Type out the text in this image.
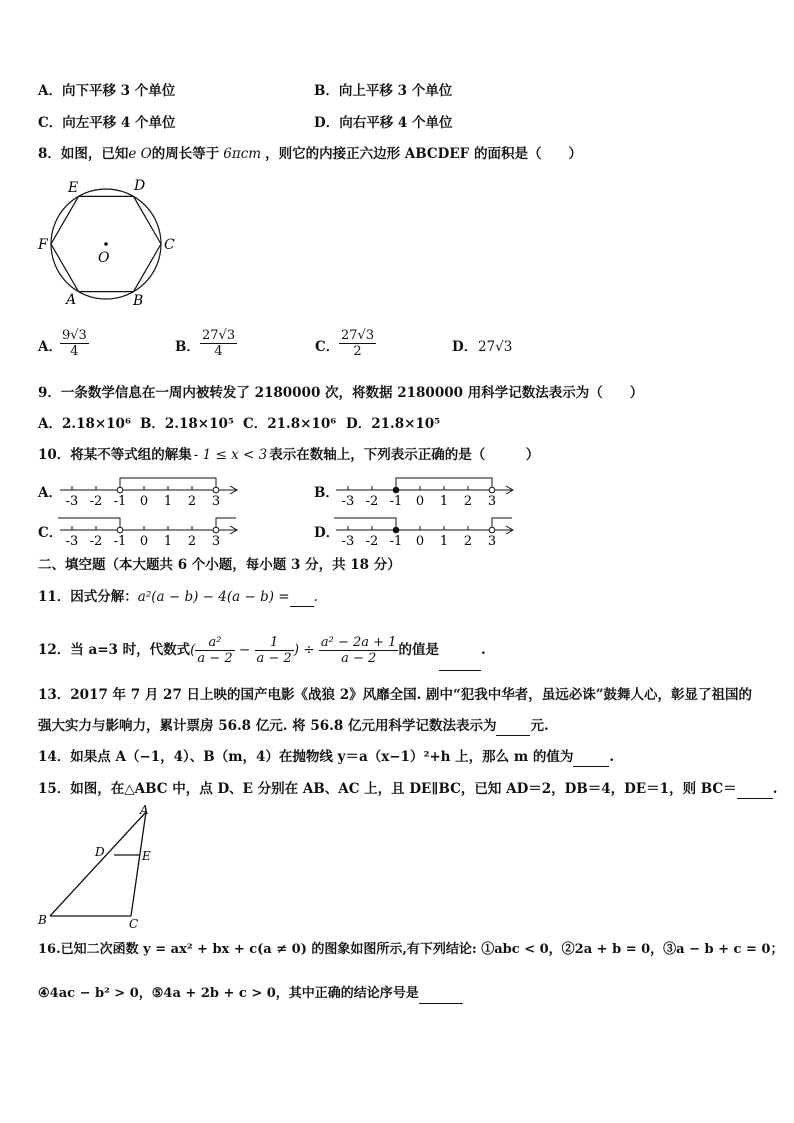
A．向下平移 3 个单位	B．向上平移 3 个单位
C．向左平移 4 个单位	D．向右平移 4 个单位
8．如图，已知e O的周长等于 6πcm ，则它的内接正六边形 ABCDEF 的面积是（　　）
O
A	B
C
D
E
F
A．
$\frac{9√3}{4}$	B． $\frac{27√3}{4}$	C． $\frac{27√3}{2}$	D． 27√3
9．一条数学信息在一周内被转发了 2180000 次，将数据 2180000 用科学记数法表示为（　　）
A．2.18×10⁶ B．2.18×10⁵ C．21.8×10⁶ D．21.8×10⁵
10．将某不等式组的解集 - 1 ≤ x < 3 表示在数轴上，下列表示正确的是（　　　）
A．
-3 -2 -1 0 1 2 3
B．
-3 -2 -1 0 1 2 3
C．
-3 -2 -1 0 1 2 3
D．
-3 -2 -1 0 1 2 3
二、填空题（本大题共 6 个小题，每小题 3 分，共 18 分）
11．因式分解：a²(a − b) − 4(a − b) = .
12．当 a=3 时，代数式( $\frac{\text{a²}}{a - 2} - \frac{1}{a - 2}$ ) ÷ $\frac{\text{a² − 2a + 1}}{a - 2}$ 的值是	.
13．2017 年 7 月 27 日上映的国产电影《战狼 2》风靡全国. 剧中“犯我中华者，虽远必诛”鼓舞人心，彰显了祖国的
强大实力与影响力，累计票房 56.8 亿元. 将 56.8 亿元用科学记数法表示为	元.
14．如果点 A（−1，4）、B（m，4）在抛物线 y＝a（x−1）²+h 上，那么 m 的值为	.
15．如图，在△ABC 中，点 D、E 分别在 AB、AC 上，且 DE∥BC，已知 AD＝2，DB＝4，DE＝1，则 BC＝	.
A
B	C
D	E
16.已知二次函数 y = ax² + bx + c(a ≠ 0) 的图象如图所示,有下列结论: ①abc < 0，②2a + b = 0，③a − b + c = 0；
④4ac − b² > 0，⑤4a + 2b + c > 0，其中正确的结论序号是
